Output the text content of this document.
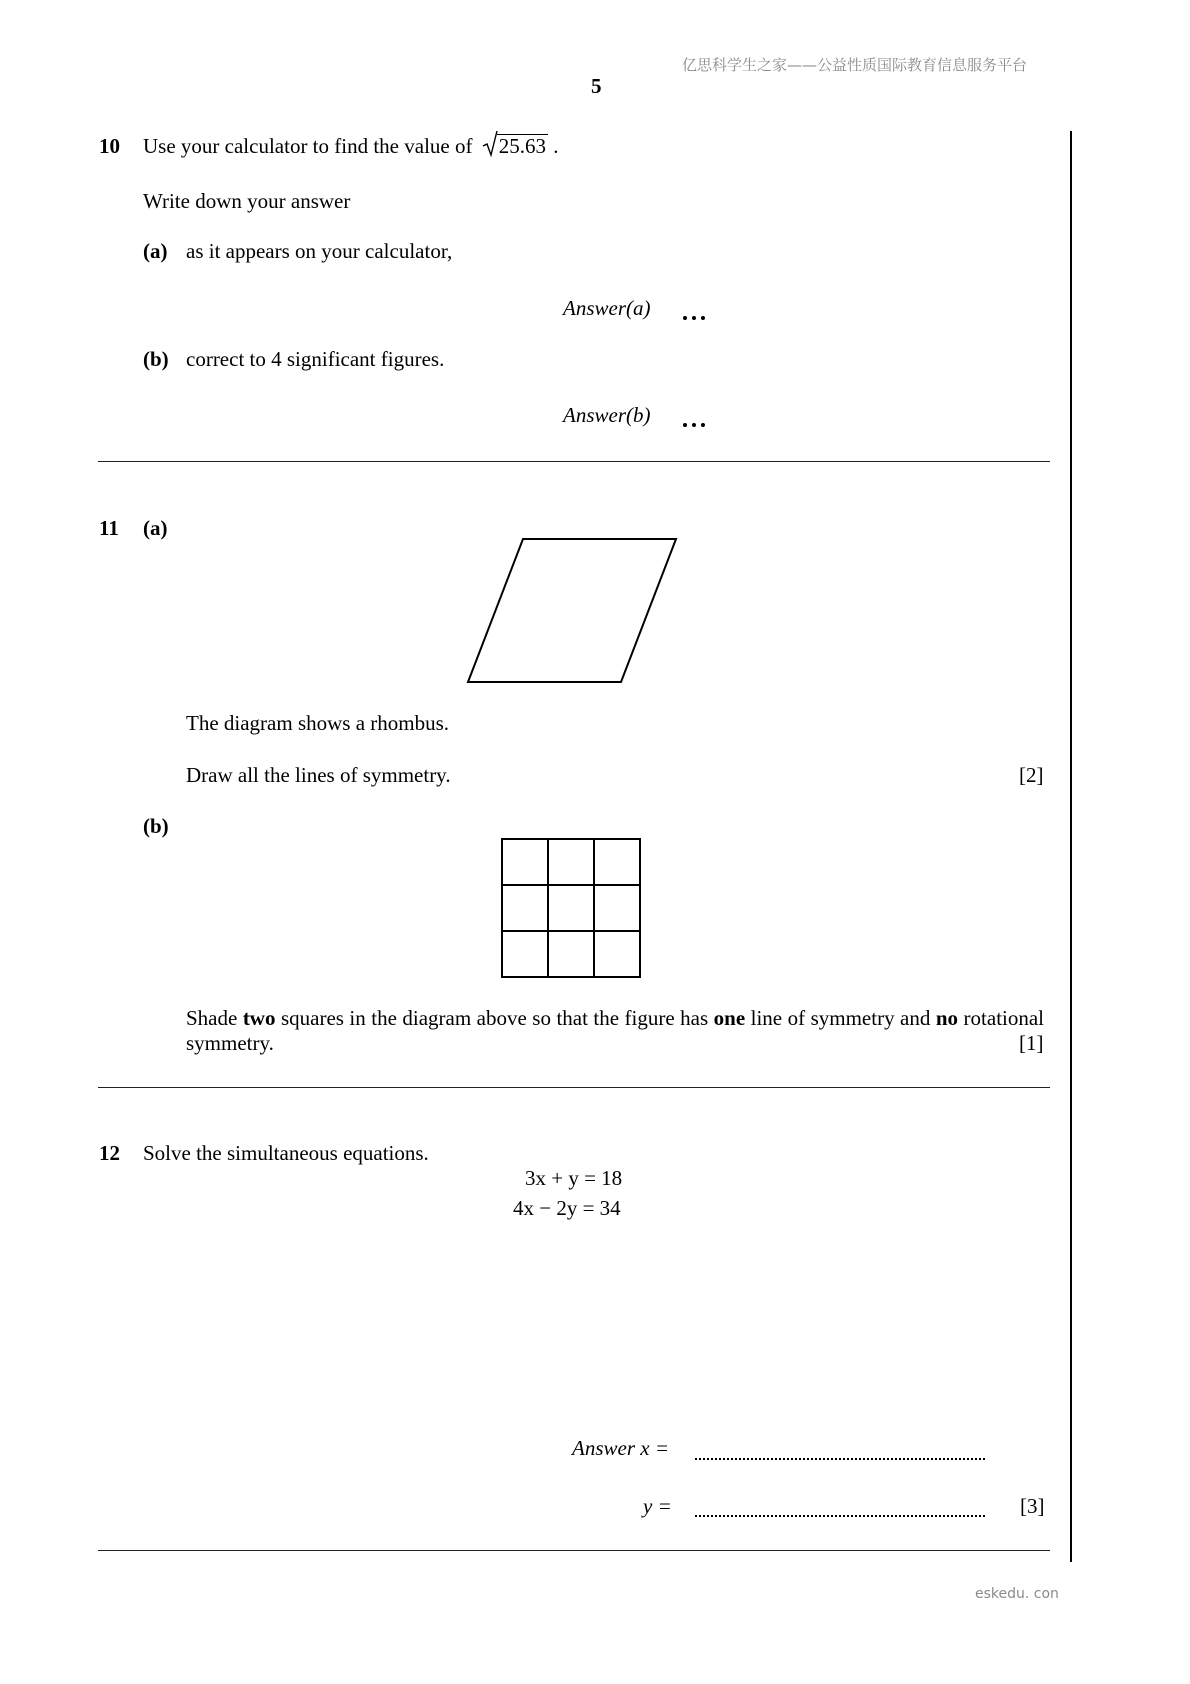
亿思科学生之家——公益性质国际教育信息服务平台
5
10 Use your calculator to find the value of 25.63 .
Write down your answer
(a) as it appears on your calculator,
Answer(a)
(b) correct to 4 significant figures.
Answer(b)
11 (a)
The diagram shows a rhombus.
Draw all the lines of symmetry.	[2]
(b)
Shade two squares in the diagram above so that the figure has one line of symmetry and no rotational symmetry.	[1]
12 Solve the simultaneous equations.
3x + y = 18
4x − 2y = 34
Answer x =
y =	[3]
eskedu. con
